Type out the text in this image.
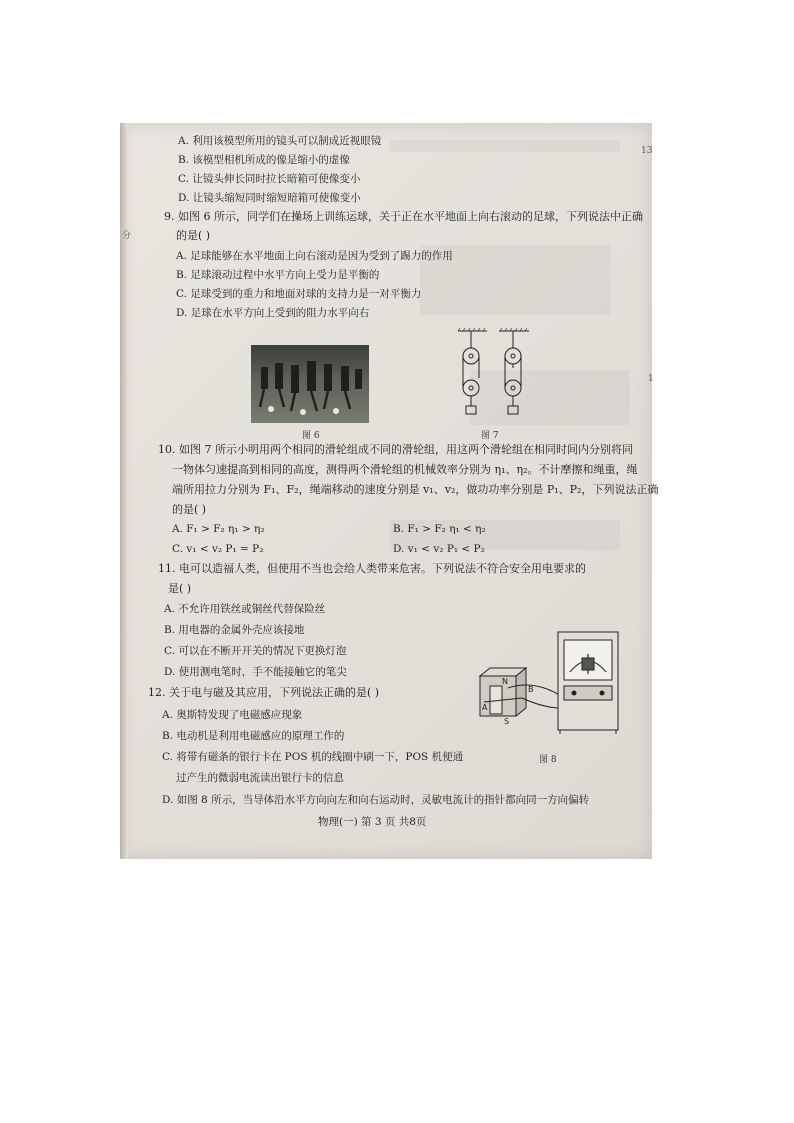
13
1
分
A. 利用该模型所用的镜头可以制成近视眼镜
B. 该模型相机所成的像是缩小的虚像
C. 让镜头伸长同时拉长暗箱可使像变小
D. 让镜头缩短同时缩短暗箱可使像变小
9. 如图 6 所示，同学们在操场上训练运球，关于正在水平地面上向右滚动的足球，下列说法中正确
的是( )
A. 足球能够在水平地面上向右滚动是因为受到了踢力的作用
B. 足球滚动过程中水平方向上受力是平衡的
C. 足球受到的重力和地面对球的支持力是一对平衡力
D. 足球在水平方向上受到的阻力水平向右
图 6	图 7
10. 如图 7 所示小明用两个相同的滑轮组成不同的滑轮组，用这两个滑轮组在相同时间内分别将同
一物体匀速提高到相同的高度，测得两个滑轮组的机械效率分别为 η₁、η₂。不计摩擦和绳重，绳
端所用拉力分别为 F₁、F₂，绳端移动的速度分别是 v₁、v₂，做功功率分别是 P₁、P₂，下列说法正确
的是( )
A. F₁ > F₂ η₁ > η₂	B. F₁ > F₂ η₁ < η₂
C. v₁ < v₂ P₁ = P₂	D. v₁ < v₂ P₁ < P₂
11. 电可以造福人类，但使用不当也会给人类带来危害。下列说法不符合安全用电要求的
是( )
A. 不允许用铁丝或铜丝代替保险丝
B. 用电器的金属外壳应该接地
C. 可以在不断开开关的情况下更换灯泡
D. 使用测电笔时，手不能接触它的笔尖
12. 关于电与磁及其应用，下列说法正确的是( )
A. 奥斯特发现了电磁感应现象
B. 电动机是利用电磁感应的原理工作的
C. 将带有磁条的银行卡在 POS 机的线圈中刷一下，POS 机便通
过产生的微弱电流读出银行卡的信息
D. 如图 8 所示，当导体沿水平方向向左和向右运动时，灵敏电流计的指针都向同一方向偏转
A
B
N
S
图 8
物理(一) 第 3 页 共8页
